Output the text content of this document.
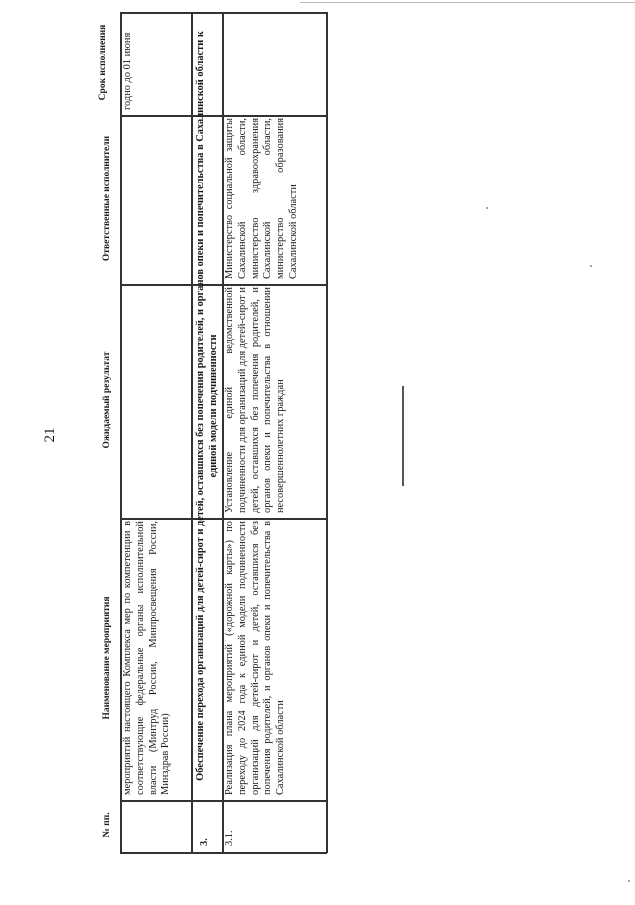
21
№ пп.
Наименование мероприятия
Ожидаемый результат
Ответственные исполнители
Срок исполнения
мероприятий настоящего Комплекса мер по компетенции в соответствующие федеральные органы исполнительной власти (Минтруд России, Минпросвещения России, Минздрав России)
годно до 01 июня
3.
Обеспечение перехода организаций для детей-сирот и детей, оставшихся без попечения родителей, и органов опеки и попечительства в Сахалинской области к единой модели подчиненности
3.1.
Реализация плана мероприятий («дорожной карты») по переходу до 2024 года к единой модели подчиненности организаций для детей-сирот и детей, оставшихся без попечения родителей, и органов опеки и попечительства в Сахалинской области
Установление единой ведомственной подчиненности для организаций для детей-сирот и детей, оставшихся без попечения родителей, и органов опеки и попечительства в отношении несовершеннолетних граждан
Министерство социальной защиты Сахалинской области, министерство здравоохранения Сахалинской области, министерство образования Сахалинской области
